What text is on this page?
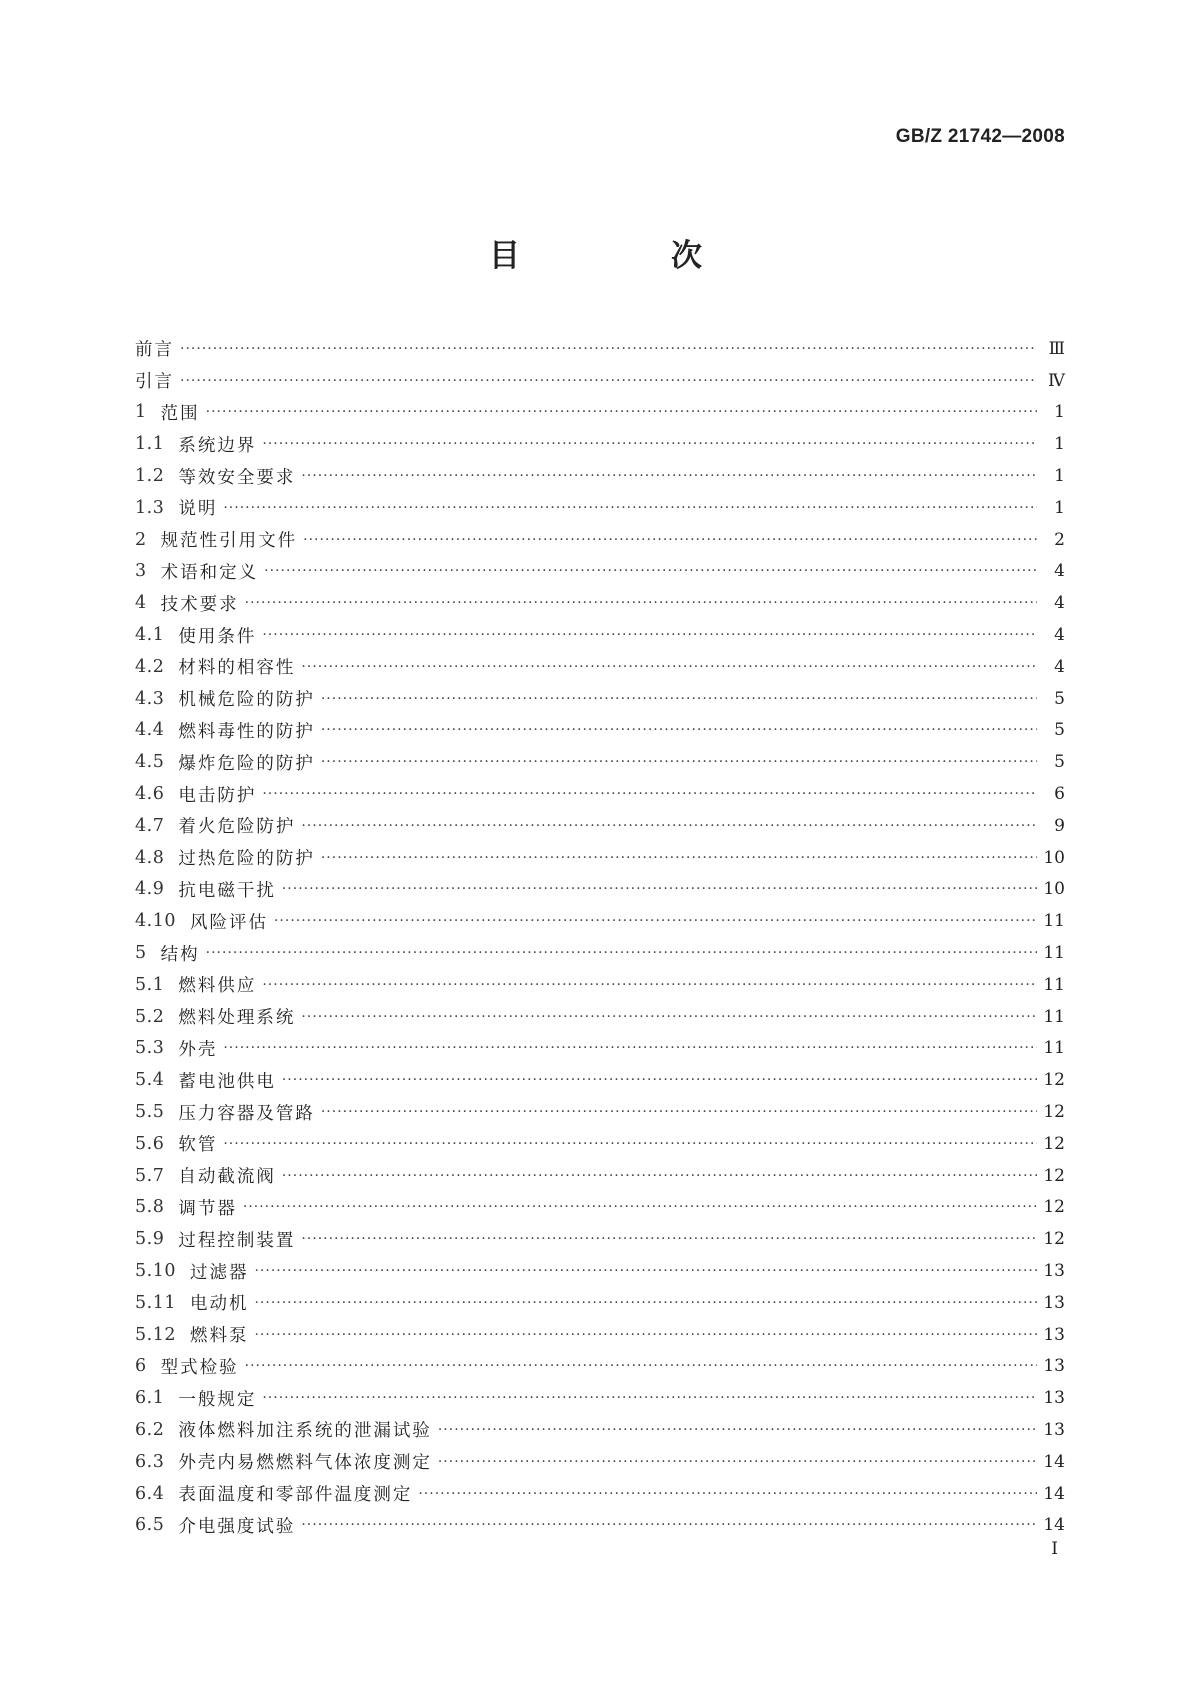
GB/Z 21742—2008
目　次
前言 ·····	Ⅲ
引言 ·····	Ⅳ
1 范围 ·····	1
1.1 系统边界 ·····	1
1.2 等效安全要求 ·····	1
1.3 说明 ·····	1
2 规范性引用文件 ·····	2
3 术语和定义 ·····	4
4 技术要求 ·····	4
4.1 使用条件 ·····	4
4.2 材料的相容性 ·····	4
4.3 机械危险的防护 ·····	5
4.4 燃料毒性的防护 ·····	5
4.5 爆炸危险的防护 ·····	5
4.6 电击防护 ·····	6
4.7 着火危险防护 ·····	9
4.8 过热危险的防护 ·····	10
4.9 抗电磁干扰 ·····	10
4.10 风险评估 ·····	11
5 结构 ·····	11
5.1 燃料供应 ·····	11
5.2 燃料处理系统 ·····	11
5.3 外壳 ·····	11
5.4 蓄电池供电 ·····	12
5.5 压力容器及管路 ·····	12
5.6 软管 ·····	12
5.7 自动截流阀 ·····	12
5.8 调节器 ·····	12
5.9 过程控制装置 ·····	12
5.10 过滤器 ·····	13
5.11 电动机 ·····	13
5.12 燃料泵 ·····	13
6 型式检验 ·····	13
6.1 一般规定 ·····	13
6.2 液体燃料加注系统的泄漏试验 ·····	13
6.3 外壳内易燃燃料气体浓度测定 ·····	14
6.4 表面温度和零部件温度测定 ·····	14
6.5 介电强度试验 ·····	14
I
